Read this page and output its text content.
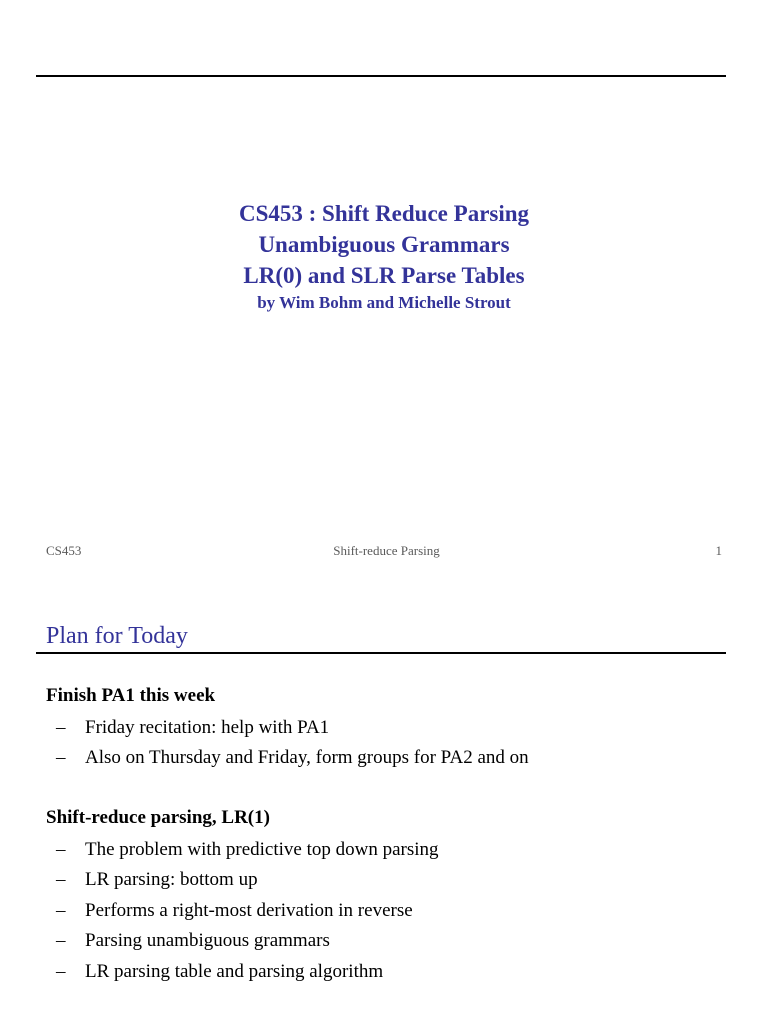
CS453 : Shift Reduce Parsing
Unambiguous Grammars
LR(0) and SLR Parse Tables
by Wim Bohm and Michelle Strout
CS453	Shift-reduce Parsing	1
Plan for Today
Finish PA1 this week
– Friday recitation: help with PA1
– Also on Thursday and Friday, form groups for PA2 and on
Shift-reduce parsing, LR(1)
– The problem with predictive top down parsing
– LR parsing: bottom up
– Performs a right-most derivation in reverse
– Parsing unambiguous grammars
– LR parsing table and parsing algorithm
